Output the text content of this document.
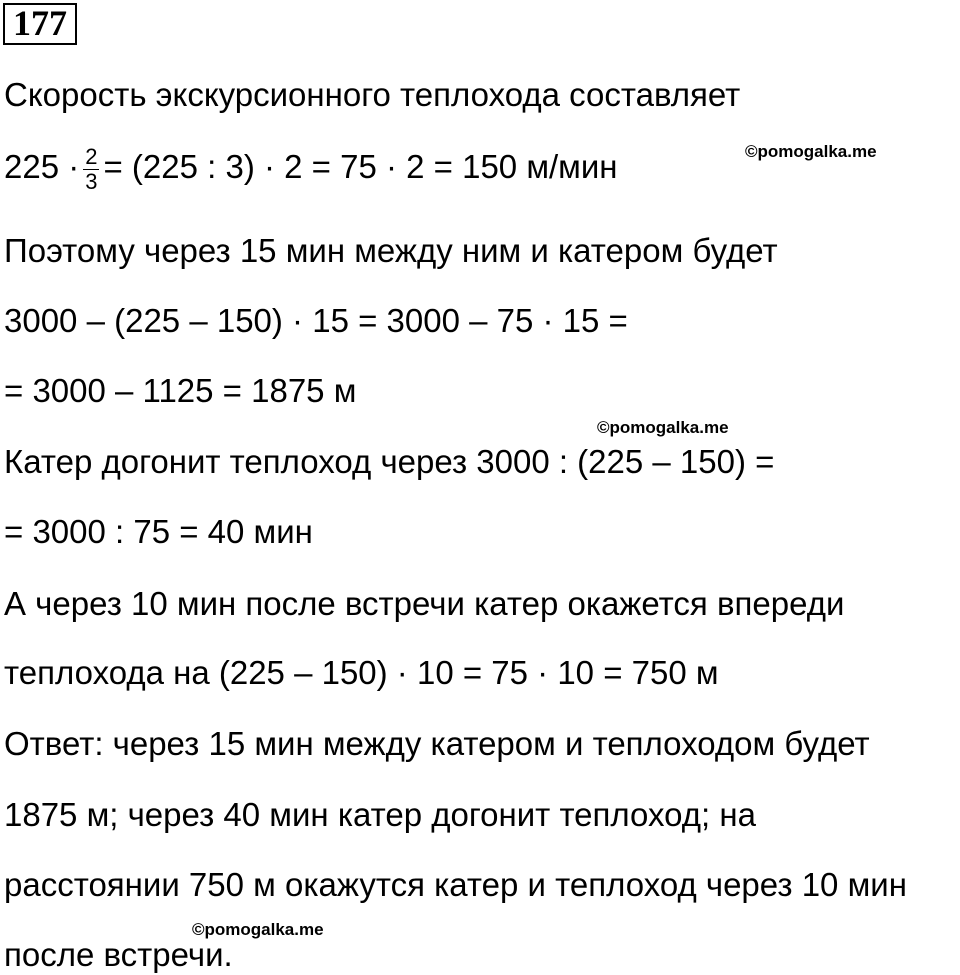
177
Скорость экскурсионного теплохода составляет
©pomogalka.me
$225 \cdot \frac{2}{3} = (225$ : 3) · 2 = 75 · 2 = 150 м/мин
Поэтому через 15 мин между ним и катером будет
3000 – (225 – 150) · 15 = 3000 – 75 · 15 =
= 3000 – 1125 = 1875 м
©pomogalka.me
Катер догонит теплоход через 3000 : (225 – 150) =
= 3000 : 75 = 40 мин
А через 10 мин после встречи катер окажется впереди
теплохода на (225 – 150) · 10 = 75 · 10 = 750 м
Ответ: через 15 мин между катером и теплоходом будет
1875 м; через 40 мин катер догонит теплоход; на
расстоянии 750 м окажутся катер и теплоход через 10 мин
©pomogalka.me
после встречи.
